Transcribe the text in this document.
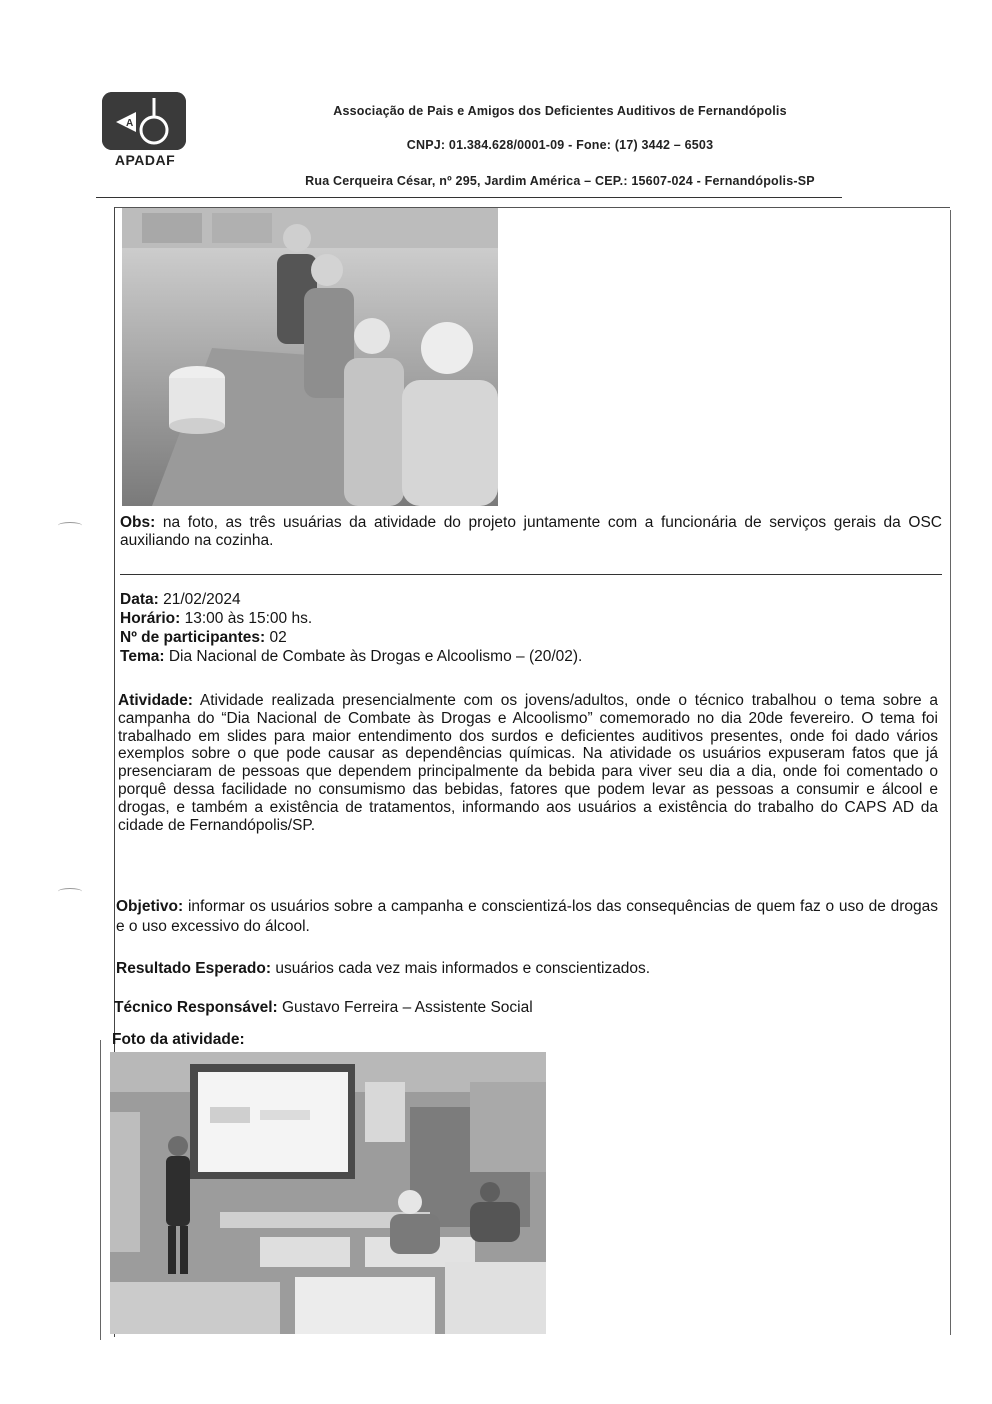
A
APADAF
Associação de Pais e Amigos dos Deficientes Auditivos de Fernandópolis
CNPJ: 01.384.628/0001-09 - Fone: (17) 3442 – 6503
Rua Cerqueira César, nº 295, Jardim América – CEP.: 15607-024 - Fernandópolis-SP
Obs: na foto, as três usuárias da atividade do projeto juntamente com a funcionária de serviços gerais da OSC auxiliando na cozinha.
Data: 21/02/2024
Horário: 13:00 às 15:00 hs.
Nº de participantes: 02
Tema: Dia Nacional de Combate às Drogas e Alcoolismo – (20/02).
Atividade: Atividade realizada presencialmente com os jovens/adultos, onde o técnico trabalhou o tema sobre a campanha do “Dia Nacional de Combate às Drogas e Alcoolismo” comemorado no dia 20de fevereiro. O tema foi trabalhado em slides para maior entendimento dos surdos e deficientes auditivos presentes, onde foi dado vários exemplos sobre o que pode causar as dependências químicas. Na atividade os usuários expuseram fatos que já presenciaram de pessoas que dependem principalmente da bebida para viver seu dia a dia, onde foi comentado o porquê dessa facilidade no consumismo das bebidas, fatores que podem levar as pessoas a consumir e álcool e drogas, e também a existência de tratamentos, informando aos usuários a existência do trabalho do CAPS AD da cidade de Fernandópolis/SP.
Objetivo: informar os usuários sobre a campanha e conscientizá-los das consequências de quem faz o uso de drogas e o uso excessivo do álcool.
Resultado Esperado: usuários cada vez mais informados e conscientizados.
Técnico Responsável: Gustavo Ferreira – Assistente Social
Foto da atividade:
